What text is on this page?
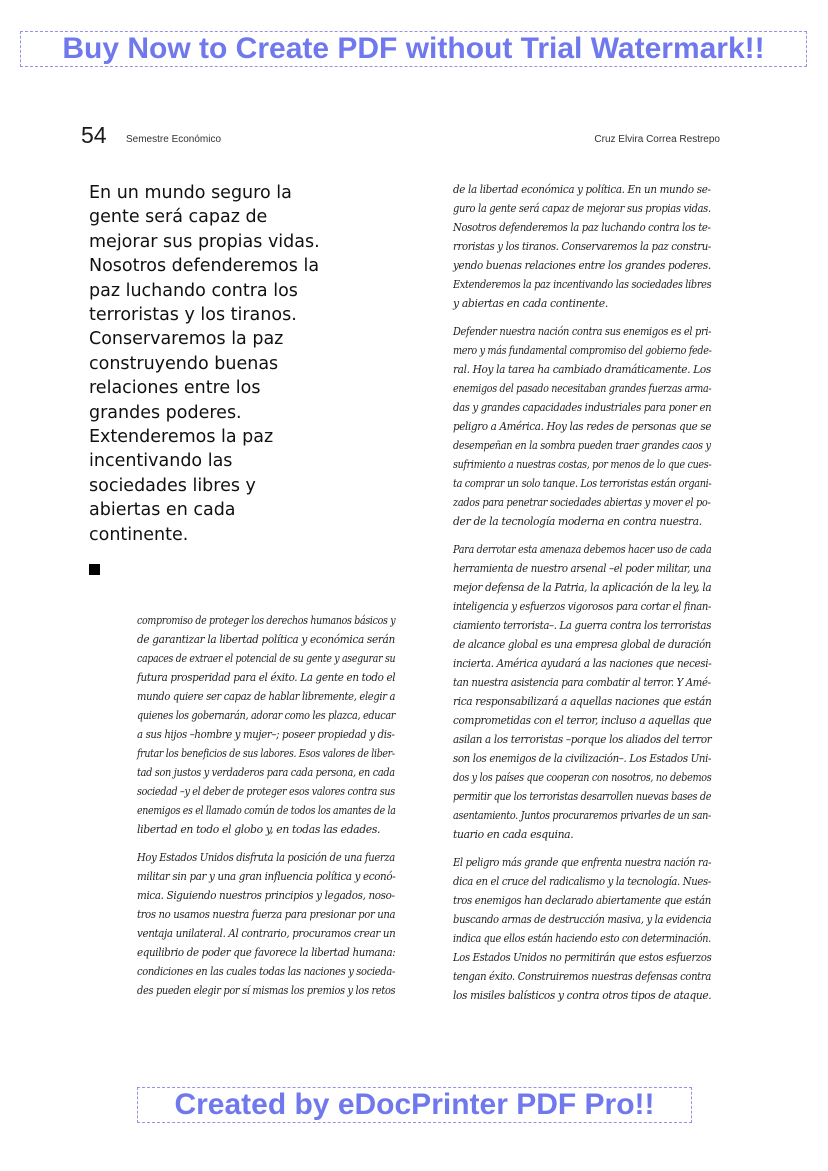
Buy Now to Create PDF without Trial Watermark!!
54 Semestre Económico	Cruz Elvira Correa Restrepo
En un mundo seguro la
gente será capaz de
mejorar sus propias vidas.
Nosotros defenderemos la
paz luchando contra los
terroristas y los tiranos.
Conservaremos la paz
construyendo buenas
relaciones entre los
grandes poderes.
Extenderemos la paz
incentivando las
sociedades libres y
abiertas en cada
continente.
compromiso de proteger los derechos humanos básicos y
de garantizar la libertad política y económica serán
capaces de extraer el potencial de su gente y asegurar su
futura prosperidad para el éxito. La gente en todo el
mundo quiere ser capaz de hablar libremente, elegir a
quienes los gobernarán, adorar como les plazca, educar
a sus hijos –hombre y mujer–; poseer propiedad y dis-
frutar los beneficios de sus labores. Esos valores de liber-
tad son justos y verdaderos para cada persona, en cada
sociedad –y el deber de proteger esos valores contra sus
enemigos es el llamado común de todos los amantes de la
libertad en todo el globo y, en todas las edades.
Hoy Estados Unidos disfruta la posición de una fuerza
militar sin par y una gran influencia política y econó-
mica. Siguiendo nuestros principios y legados, noso-
tros no usamos nuestra fuerza para presionar por una
ventaja unilateral. Al contrario, procuramos crear un
equilibrio de poder que favorece la libertad humana:
condiciones en las cuales todas las naciones y socieda-
des pueden elegir por sí mismas los premios y los retos
de la libertad económica y política. En un mundo se-
guro la gente será capaz de mejorar sus propias vidas.
Nosotros defenderemos la paz luchando contra los te-
rroristas y los tiranos. Conservaremos la paz constru-
yendo buenas relaciones entre los grandes poderes.
Extenderemos la paz incentivando las sociedades libres
y abiertas en cada continente.
Defender nuestra nación contra sus enemigos es el pri-
mero y más fundamental compromiso del gobierno fede-
ral. Hoy la tarea ha cambiado dramáticamente. Los
enemigos del pasado necesitaban grandes fuerzas arma-
das y grandes capacidades industriales para poner en
peligro a América. Hoy las redes de personas que se
desempeñan en la sombra pueden traer grandes caos y
sufrimiento a nuestras costas, por menos de lo que cues-
ta comprar un solo tanque. Los terroristas están organi-
zados para penetrar sociedades abiertas y mover el po-
der de la tecnología moderna en contra nuestra.
Para derrotar esta amenaza debemos hacer uso de cada
herramienta de nuestro arsenal –el poder militar, una
mejor defensa de la Patria, la aplicación de la ley, la
inteligencia y esfuerzos vigorosos para cortar el finan-
ciamiento terrorista–. La guerra contra los terroristas
de alcance global es una empresa global de duración
incierta. América ayudará a las naciones que necesi-
tan nuestra asistencia para combatir al terror. Y Amé-
rica responsabilizará a aquellas naciones que están
comprometidas con el terror, incluso a aquellas que
asilan a los terroristas –porque los aliados del terror
son los enemigos de la civilización–. Los Estados Uni-
dos y los países que cooperan con nosotros, no debemos
permitir que los terroristas desarrollen nuevas bases de
asentamiento. Juntos procuraremos privarles de un san-
tuario en cada esquina.
El peligro más grande que enfrenta nuestra nación ra-
dica en el cruce del radicalismo y la tecnología. Nues-
tros enemigos han declarado abiertamente que están
buscando armas de destrucción masiva, y la evidencia
indica que ellos están haciendo esto con determinación.
Los Estados Unidos no permitirán que estos esfuerzos
tengan éxito. Construiremos nuestras defensas contra
los misiles balísticos y contra otros tipos de ataque.
Created by eDocPrinter PDF Pro!!
